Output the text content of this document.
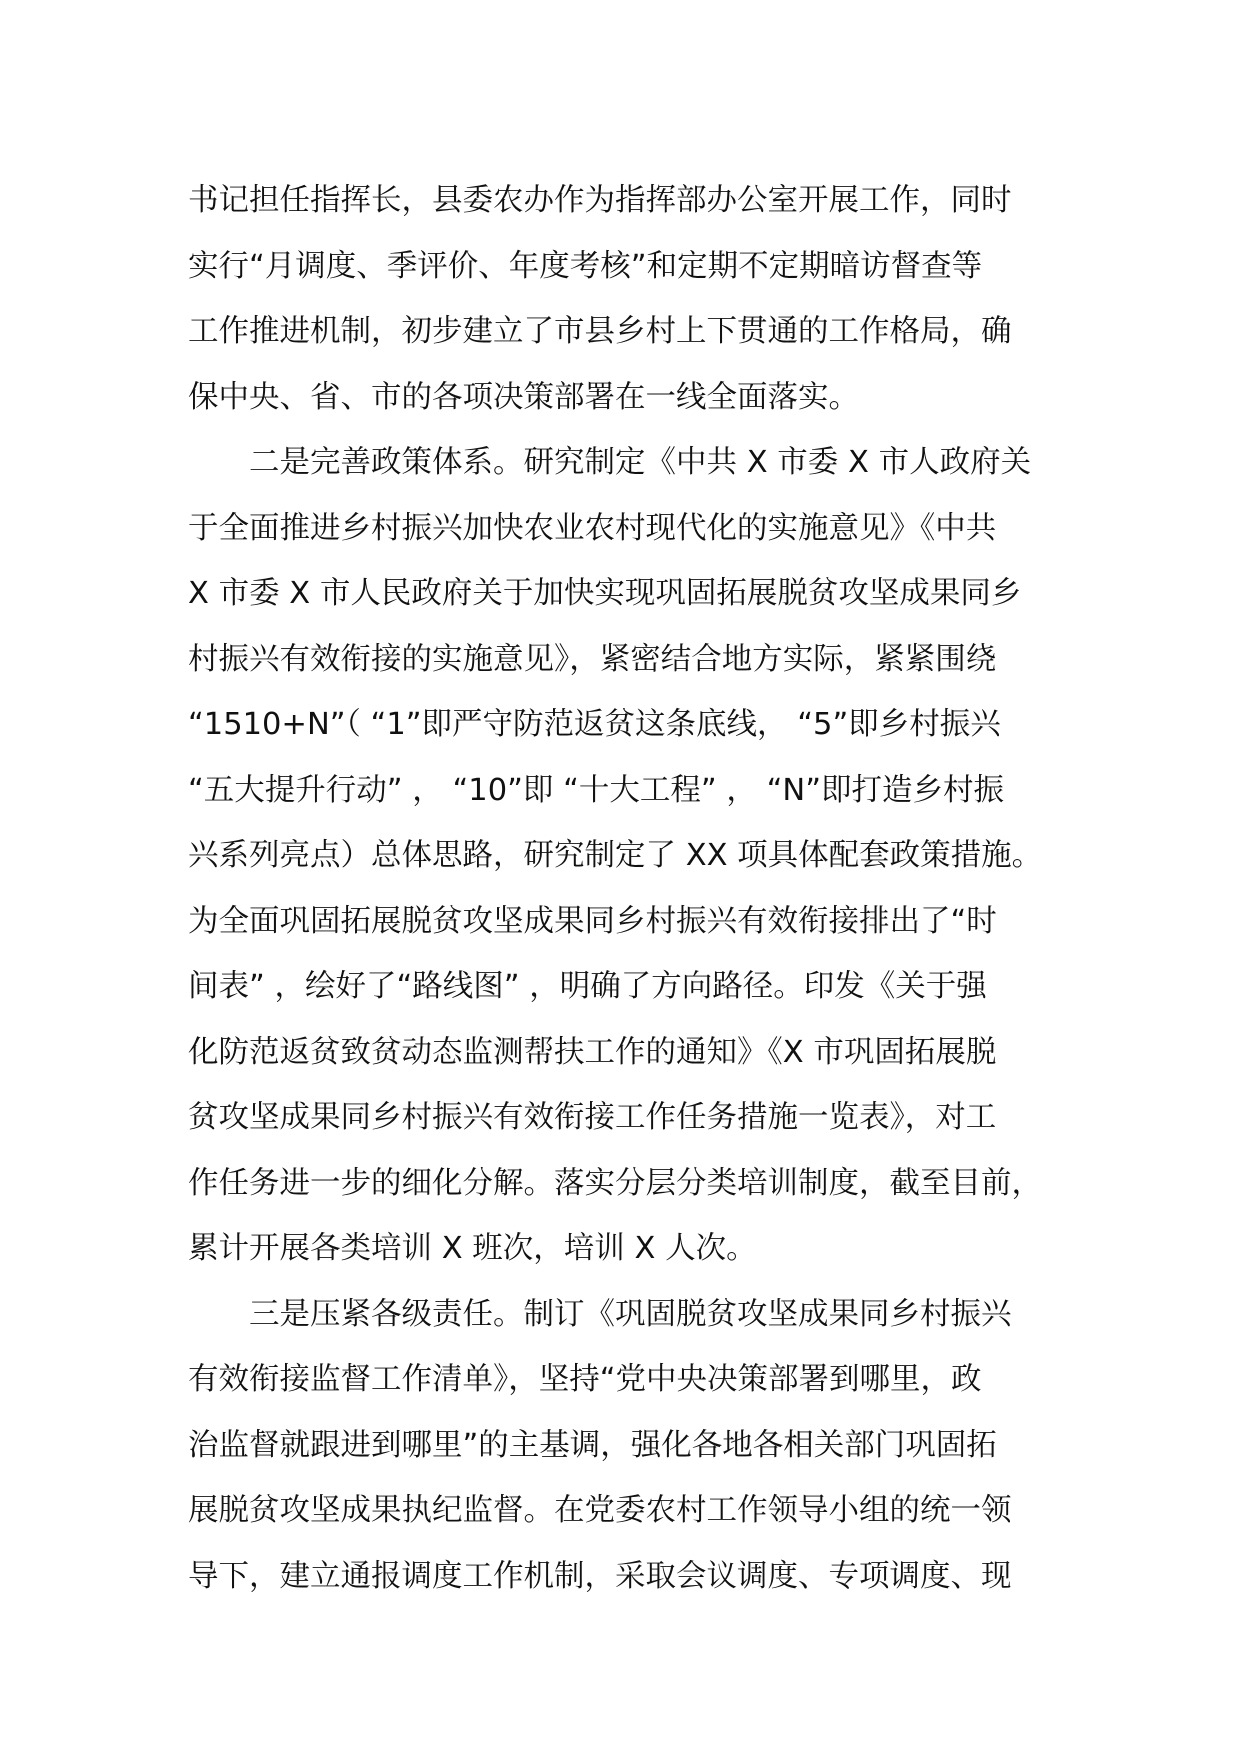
书记担任指挥长，县委农办作为指挥部办公室开展工作，同时
实行“月调度、季评价、年度考核”和定期不定期暗访督查等
工作推进机制，初步建立了市县乡村上下贯通的工作格局，确
保中央、省、市的各项决策部署在一线全面落实。
　　二是完善政策体系。研究制定《中共 X 市委 X 市人政府关
于全面推进乡村振兴加快农业农村现代化的实施意见》《中共
X 市委 X 市人民政府关于加快实现巩固拓展脱贫攻坚成果同乡
村振兴有效衔接的实施意见》，紧密结合地方实际，紧紧围绕
“1510+N”（ “1”即严守防范返贫这条底线， “5”即乡村振兴
“五大提升行动” ， “10”即 “十大工程” ， “N”即打造乡村振
兴系列亮点）总体思路，研究制定了 XX 项具体配套政策措施。
为全面巩固拓展脱贫攻坚成果同乡村振兴有效衔接排出了“时
间表” ，绘好了“路线图” ，明确了方向路径。印发《关于强
化防范返贫致贫动态监测帮扶工作的通知》《X 市巩固拓展脱
贫攻坚成果同乡村振兴有效衔接工作任务措施一览表》，对工
作任务进一步的细化分解。落实分层分类培训制度，截至目前，
累计开展各类培训 X 班次，培训 X 人次。
　　三是压紧各级责任。制订《巩固脱贫攻坚成果同乡村振兴
有效衔接监督工作清单》，坚持“党中央决策部署到哪里，政
治监督就跟进到哪里”的主基调，强化各地各相关部门巩固拓
展脱贫攻坚成果执纪监督。在党委农村工作领导小组的统一领
导下，建立通报调度工作机制，采取会议调度、专项调度、现
